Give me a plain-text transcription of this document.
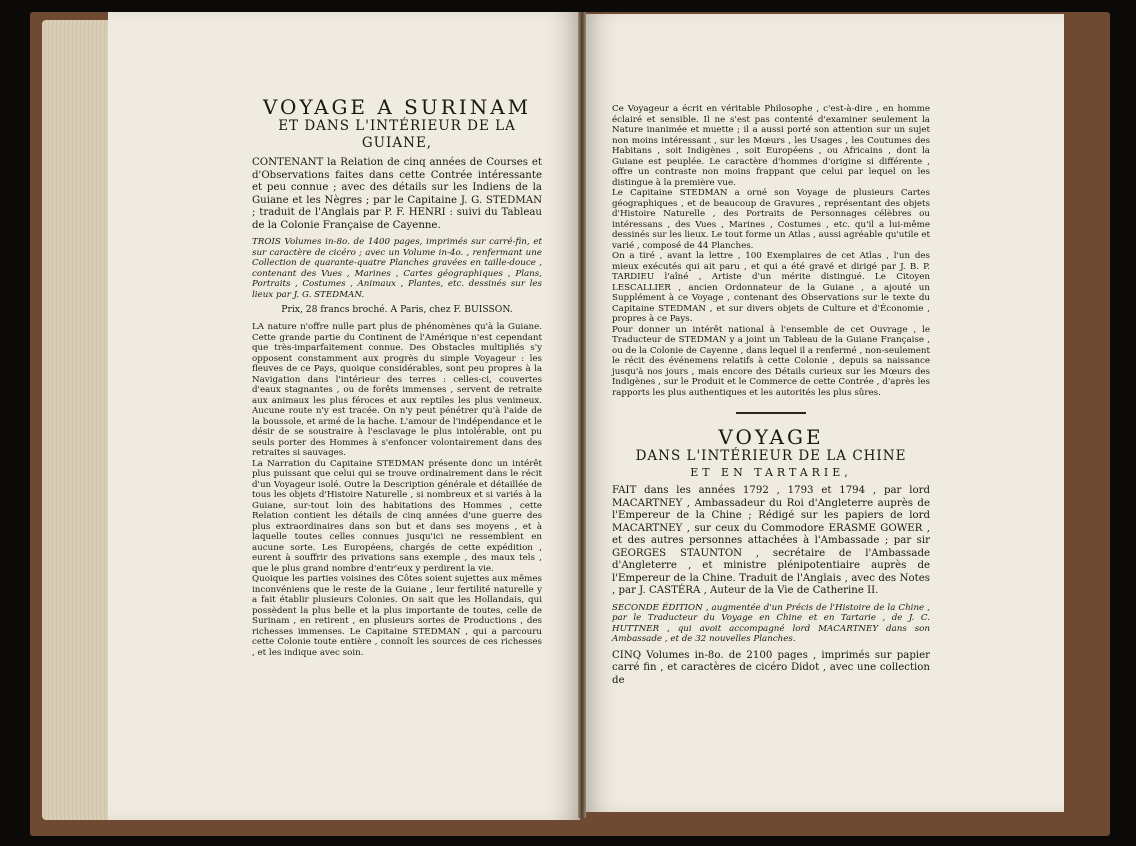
VOYAGE A SURINAM
ET DANS L'INTÉRIEUR DE LA GUIANE,

CONTENANT la Relation de cinq années de Courses et d'Observations faites dans cette Contrée intéressante et peu connue ; avec des détails sur les Indiens de la Guiane et les Nègres ; par le Capitaine J. G. STEDMAN ; traduit de l'Anglais par P. F. HENRI : suivi du Tableau de la Colonie Française de Cayenne.

TROIS Volumes in-8o. de 1400 pages, imprimés sur carré-fin, et sur caractère de cicéro ; avec un Volume in-4o. , renfermant une Collection de quarante-quatre Planches gravées en taille-douce , contenant des Vues , Marines , Cartes géographiques , Plans, Portraits , Costumes , Animaux , Plantes, etc. dessinés sur les lieux par J. G. STEDMAN.

Prix, 28 francs broché. A Paris, chez F. BUISSON.

LA nature n'offre nulle part plus de phénomènes qu'à la Guiane. Cette grande partie du Continent de l'Amérique n'est cependant que très-imparfaitement connue. Des Obstacles multipliés s'y opposent constamment aux progrès du simple Voyageur : les fleuves de ce Pays, quoique considérables, sont peu propres à la Navigation dans l'intérieur des terres : celles-ci, couvertes d'eaux stagnantes , ou de forêts immenses , servent de retraite aux animaux les plus féroces et aux reptiles les plus venimeux. Aucune route n'y est tracée. On n'y peut pénétrer qu'à l'aide de la boussole, et armé de la hache. L'amour de l'indépendance et le désir de se soustraire à l'esclavage le plus intolérable, ont pu seuls porter des Hommes à s'enfoncer volontairement dans des retraites si sauvages.

La Narration du Capitaine STEDMAN présente donc un intérêt plus puissant que celui qui se trouve ordinairement dans le récit d'un Voyageur isolé. Outre la Description générale et détaillée de tous les objets d'Histoire Naturelle , si nombreux et si variés à la Guiane, sur-tout loin des habitations des Hommes , cette Relation contient les détails de cinq années d'une guerre des plus extraordinaires dans son but et dans ses moyens , et à laquelle toutes celles connues jusqu'ici ne ressemblent en aucune sorte. Les Européens, chargés de cette expédition , eurent à souffrir des privations sans exemple , des maux tels , que le plus grand nombre d'entr'eux y perdirent la vie.

Quoique les parties voisines des Côtes soient sujettes aux mêmes inconvéniens que le reste de la Guiane , leur fertilité naturelle y a fait établir plusieurs Colonies. On sait que les Hollandais, qui possèdent la plus belle et la plus importante de toutes, celle de Surinam , en retirent , en plusieurs sortes de Productions , des richesses immenses. Le Capitaine STEDMAN , qui a parcouru cette Colonie toute entière , connoît les sources de ces richesses , et les indique avec soin.

Ce Voyageur a écrit en véritable Philosophe , c'est-à-dire , en homme éclairé et sensible. Il ne s'est pas contenté d'examiner seulement la Nature inanimée et muette ; il a aussi porté son attention sur un sujet non moins intéressant , sur les Mœurs , les Usages , les Coutumes des Habitans , soit Indigènes , soit Européens , ou Africains , dont la Guiane est peuplée. Le caractère d'hommes d'origine si différente , offre un contraste non moins frappant que celui par lequel on les distingue à la première vue.

Le Capitaine STEDMAN a orné son Voyage de plusieurs Cartes géographiques , et de beaucoup de Gravures , représentant des objets d'Histoire Naturelle , des Portraits de Personnages célèbres ou intéressans , des Vues , Marines , Costumes , etc. qu'il a lui-même dessinés sur les lieux. Le tout forme un Atlas , aussi agréable qu'utile et varié , composé de 44 Planches.

On a tiré , avant la lettre , 100 Exemplaires de cet Atlas , l'un des mieux exécutés qui ait paru , et qui a été gravé et dirigé par J. B. P. TARDIEU l'aîné , Artiste d'un mérite distingué. Le Citoyen LESCALLIER , ancien Ordonnateur de la Guiane , a ajouté un Supplément à ce Voyage , contenant des Observations sur le texte du Capitaine STEDMAN , et sur divers objets de Culture et d'Économie , propres à ce Pays.

Pour donner un intérêt national à l'ensemble de cet Ouvrage , le Traducteur de STEDMAN y a joint un Tableau de la Guiane Française , ou de la Colonie de Cayenne , dans lequel il a renfermé , non-seulement le récit des événemens relatifs à cette Colonie , depuis sa naissance jusqu'à nos jours , mais encore des Détails curieux sur les Mœurs des Indigènes , sur le Produit et le Commerce de cette Contrée , d'après les rapports les plus authentiques et les autorités les plus sûres.

VOYAGE
DANS L'INTÉRIEUR DE LA CHINE
ET EN TARTARIE,

FAIT dans les années 1792 , 1793 et 1794 , par lord MACARTNEY , Ambassadeur du Roi d'Angleterre auprès de l'Empereur de la Chine ; Rédigé sur les papiers de lord MACARTNEY , sur ceux du Commodore ERASME GOWER , et des autres personnes attachées à l'Ambassade ; par sir GEORGES STAUNTON , secrétaire de l'Ambassade d'Angleterre , et ministre plénipotentiaire auprès de l'Empereur de la Chine. Traduit de l'Anglais , avec des Notes , par J. CASTÉRA , Auteur de la Vie de Catherine II.

SECONDE ÉDITION , augmentée d'un Précis de l'Histoire de la Chine , par le Traducteur du Voyage en Chine et en Tartarie , de J. C. HUTTNER , qui avoit accompagné lord MACARTNEY dans son Ambassade , et de 32 nouvelles Planches.

CINQ Volumes in-8o. de 2100 pages , imprimés sur papier carré fin , et caractères de cicéro Didot , avec une collection de
